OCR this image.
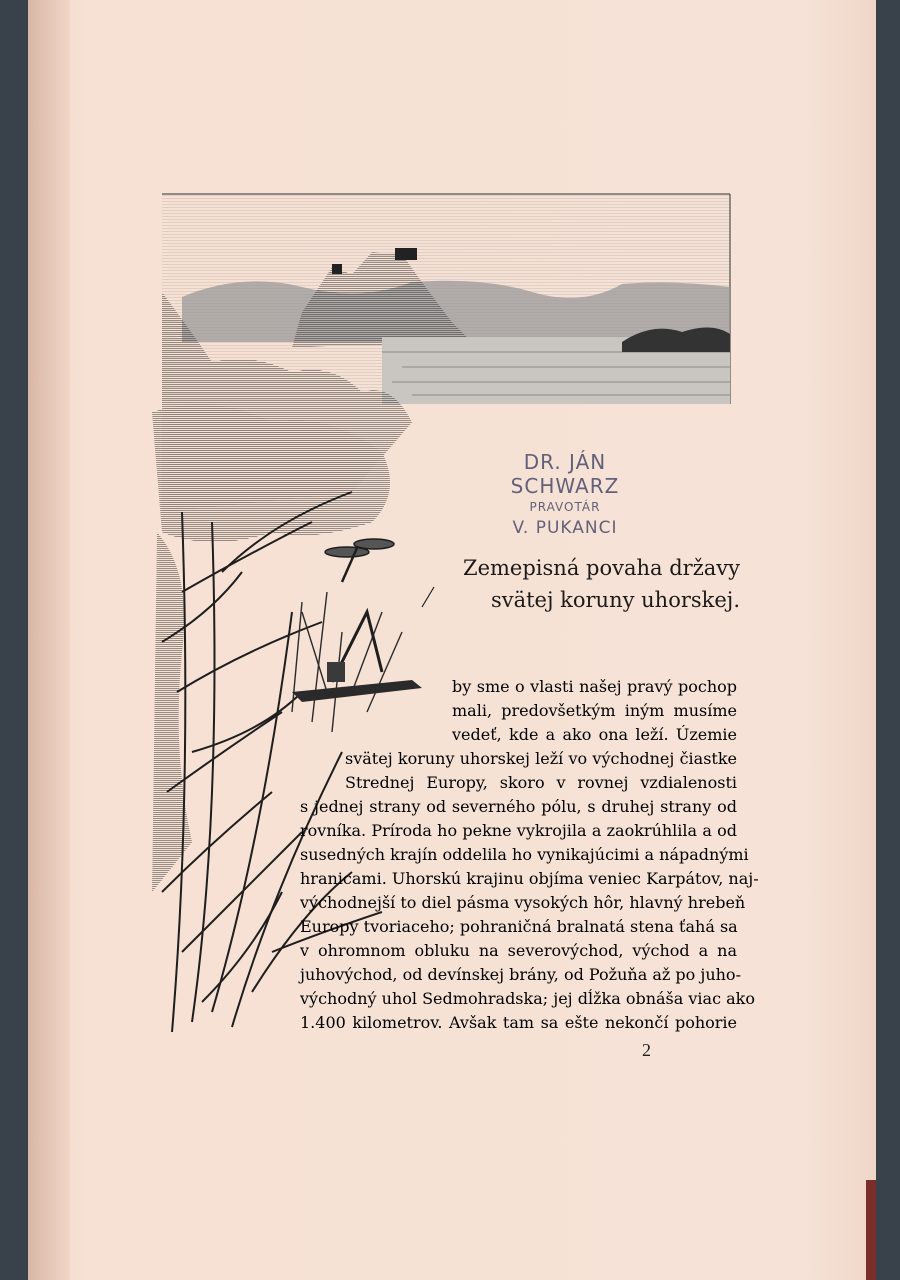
DR. JÁN SCHWARZ
PRAVOTÁR
V. PUKANCI
Zemepisná povaha državy
svätej koruny uhorskej.
by sme o vlasti našej pravý pochop
mali, predovšetkým iným musíme
vedeť, kde a ako ona leží. Územie
svätej koruny uhorskej leží vo východnej čiastke
Strednej Europy, skoro v rovnej vzdialenosti
s jednej strany od severného pólu, s druhej strany od
rovníka. Príroda ho pekne vykrojila a zaokrúhlila a od
susedných krajín oddelila ho vynikajúcimi a nápadnými
hranicami. Uhorskú krajinu objíma veniec Karpátov, naj-
východnejší to diel pásma vysokých hôr, hlavný hrebeň
Europy tvoriaceho; pohraničná bralnatá stena ťahá sa
v ohromnom obluku na severovýchod, východ a na
juhovýchod, od devínskej brány, od Požuňa až po juho-
východný uhol Sedmohradska; jej dĺžka obnáša viac ako
1.400 kilometrov. Avšak tam sa ešte nekončí pohorie
2
